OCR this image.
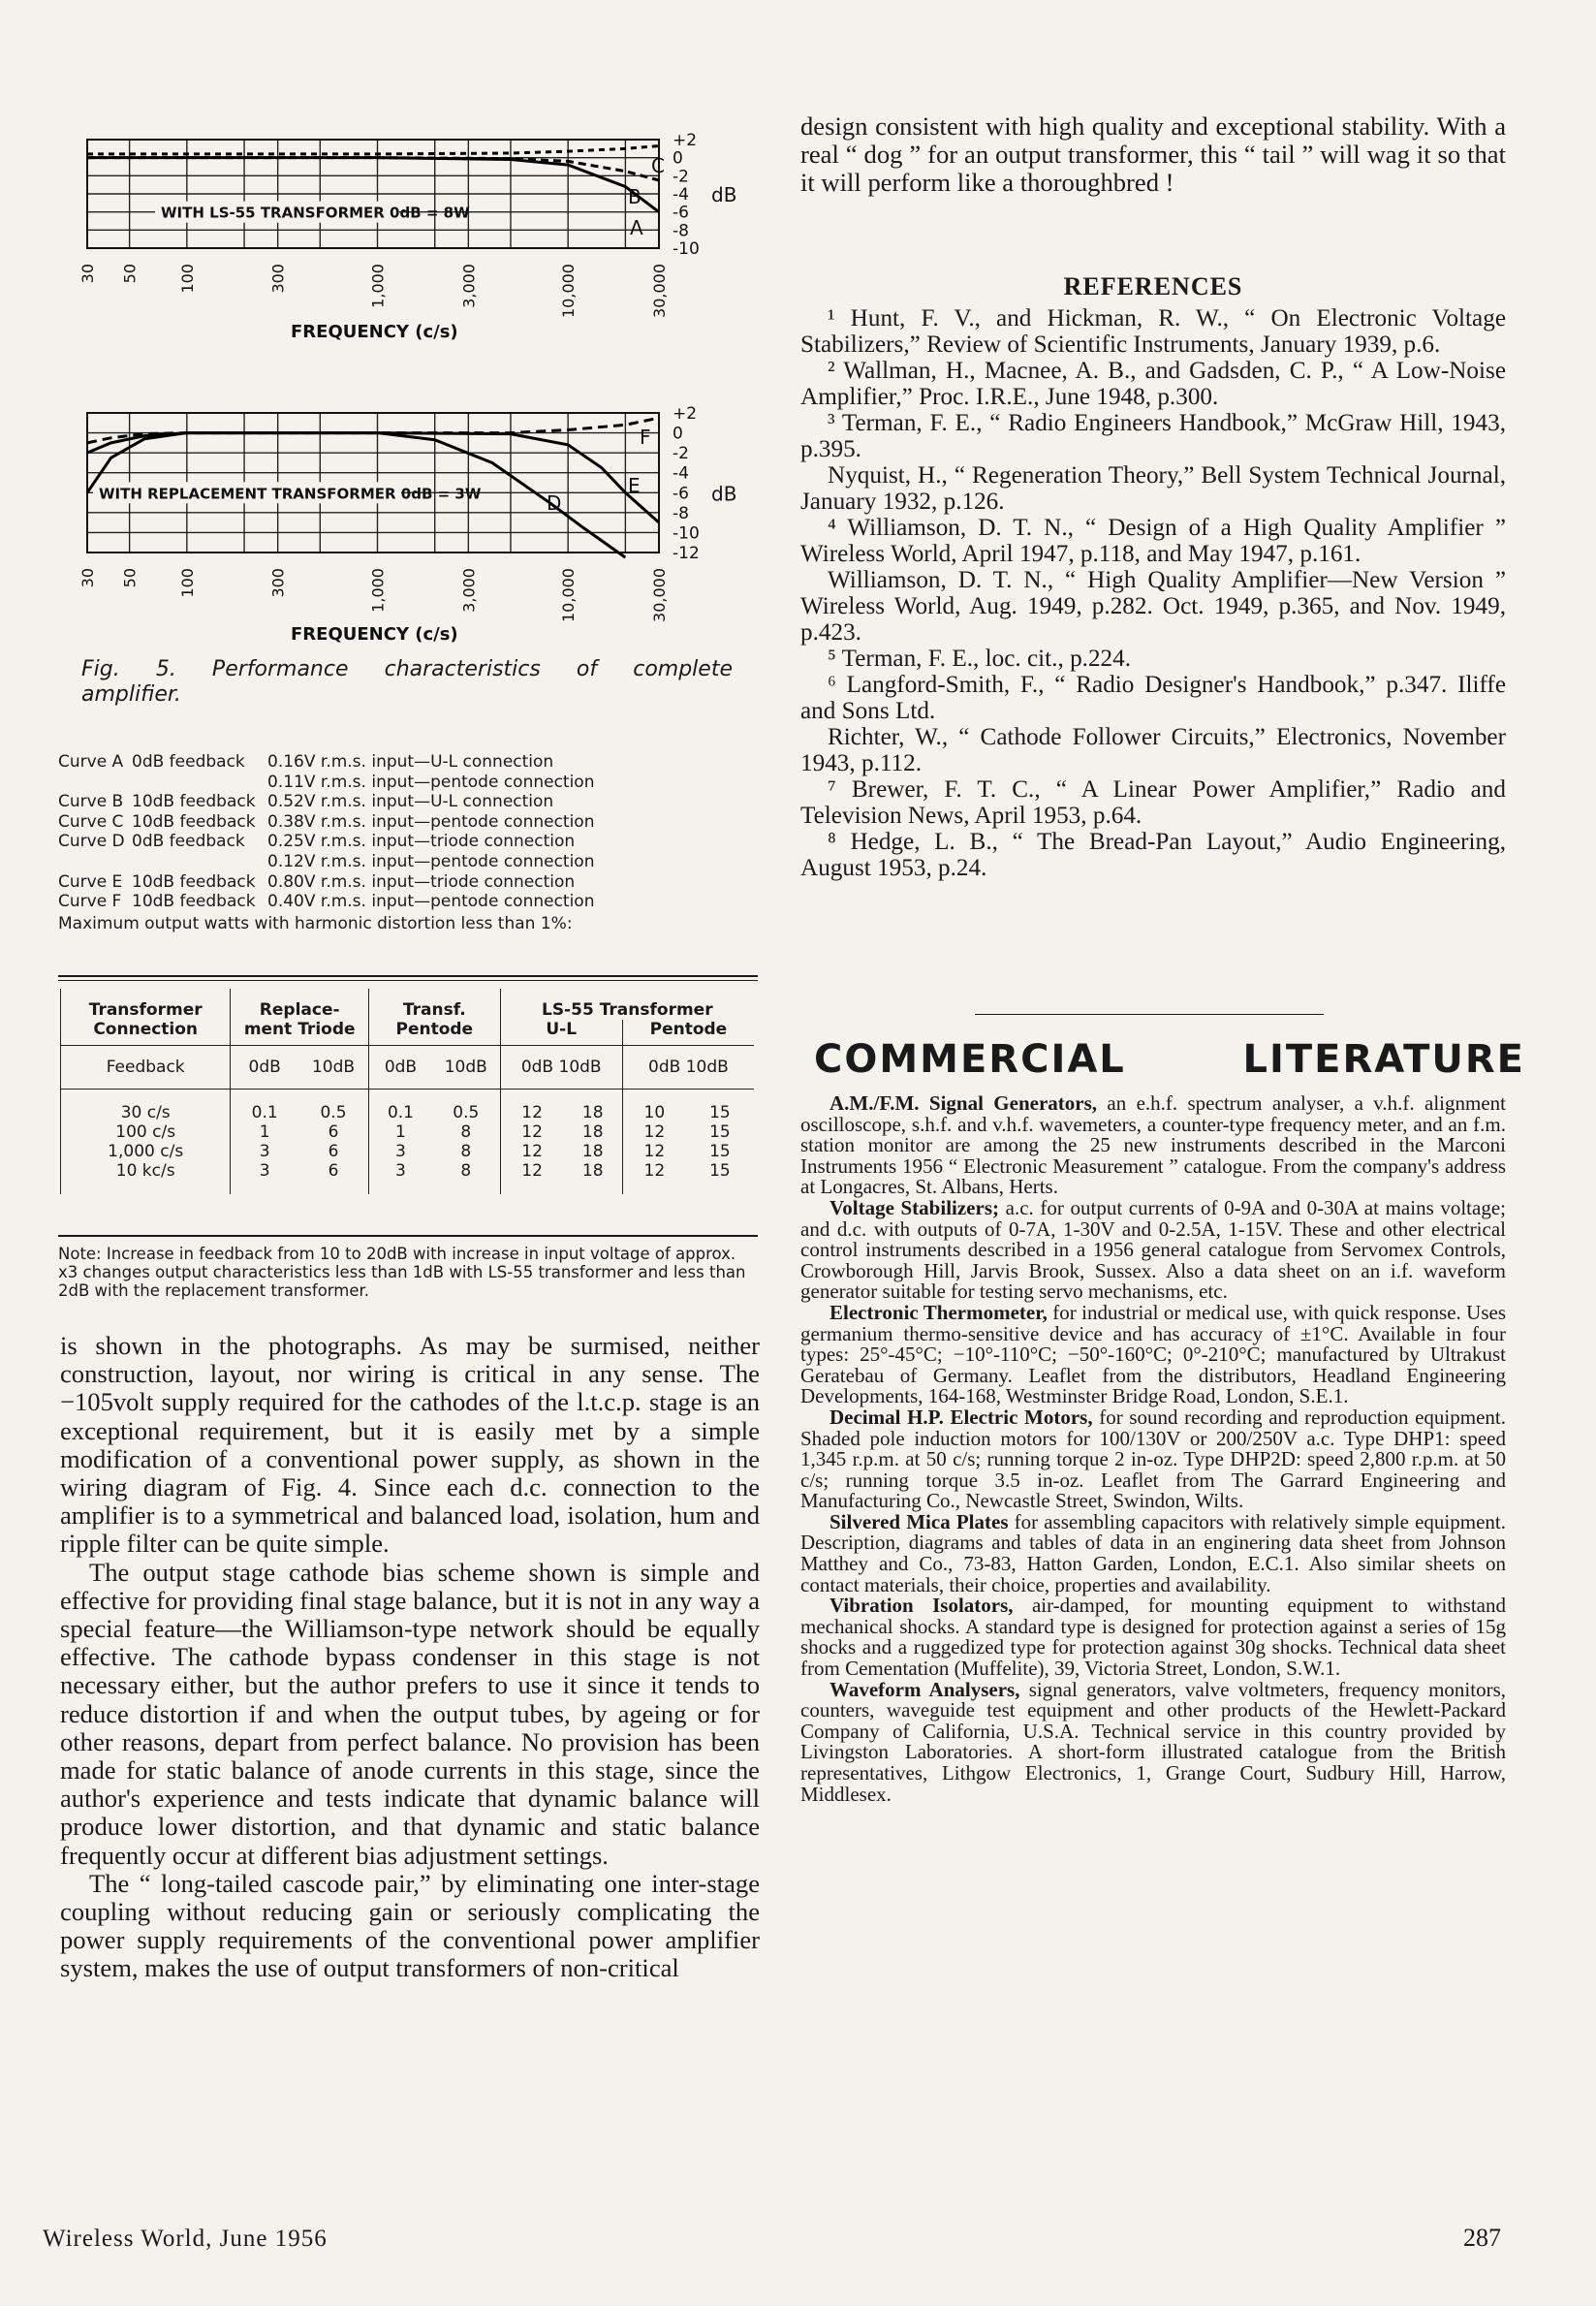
WITH LS-55 TRANSFORMER 0dB = 8W
A
B
C
+2
0
-2
-4
-6
-8
-10
dB
30 50	100	300	1,000	3,000	10,000	30,000
FREQUENCY (c/s)
WITH REPLACEMENT TRANSFORMER 0dB = 3W	D
E
F
+2
0
-2
-4
-6
-8
-10
-12
dB
30 50	100	300	1,000	3,000	10,000	30,000
FREQUENCY (c/s)
Fig. 5. Performance characteristics of complete
amplifier.
Curve A 0dB feedback	0.16V r.m.s. input—U-L connection
0.11V r.m.s. input—pentode connection
Curve B 10dB feedback 0.52V r.m.s. input—U-L connection
Curve C 10dB feedback 0.38V r.m.s. input—pentode connection
Curve D 0dB feedback	0.25V r.m.s. input—triode connection
0.12V r.m.s. input—pentode connection
Curve E 10dB feedback 0.80V r.m.s. input—triode connection
Curve F 10dB feedback 0.40V r.m.s. input—pentode connection
Maximum output watts with harmonic distortion less than 1%:
Transformer Connection	Replace- ment Triode		Transf. Pentode		LS-55 Transformer			
					U-L		Pentode	
Feedback	0dB	10dB	0dB	10dB	0dB 10dB		0dB 10dB	
30 c/s	0.1	0.5	0.1	0.5	12	18	10	15
100 c/s	1	6	1	8	12	18	12	15
1,000 c/s	3	6	3	8	12	18	12	15
10 kc/s	3	6	3	8	12	18	12	15
Note: Increase in feedback from 10 to 20dB with increase in input voltage of approx. x3 changes output characteristics less than 1dB with LS-55 transformer and less than 2dB with the replacement transformer.

is shown in the photographs. As may be surmised, neither construction, layout, nor wiring is critical in any sense. The −105volt supply required for the cathodes of the l.t.c.p. stage is an exceptional requirement, but it is easily met by a simple modification of a conventional power supply, as shown in the wiring diagram of Fig. 4. Since each d.c. connection to the amplifier is to a symmetrical and balanced load, isolation, hum and ripple filter can be quite simple.

The output stage cathode bias scheme shown is simple and effective for providing final stage balance, but it is not in any way a special feature—the Williamson-type network should be equally effective. The cathode bypass condenser in this stage is not necessary either, but the author prefers to use it since it tends to reduce distortion if and when the output tubes, by ageing or for other reasons, depart from perfect balance. No provision has been made for static balance of anode currents in this stage, since the author's experience and tests indicate that dynamic balance will produce lower distortion, and that dynamic and static balance frequently occur at different bias adjustment settings.

The “ long-tailed cascode pair,” by eliminating one inter-stage coupling without reducing gain or seriously complicating the power supply requirements of the conventional power amplifier system, makes the use of output transformers of non-critical

design consistent with high quality and exceptional stability. With a real “ dog ” for an output transformer, this “ tail ” will wag it so that it will perform like a thoroughbred !

REFERENCES

¹ Hunt, F. V., and Hickman, R. W., “ On Electronic Voltage Stabilizers,” Review of Scientific Instruments, January 1939, p.6.

² Wallman, H., Macnee, A. B., and Gadsden, C. P., “ A Low-Noise Amplifier,” Proc. I.R.E., June 1948, p.300.

³ Terman, F. E., “ Radio Engineers Handbook,” McGraw Hill, 1943, p.395.

Nyquist, H., “ Regeneration Theory,” Bell System Technical Journal, January 1932, p.126.

⁴ Williamson, D. T. N., “ Design of a High Quality Amplifier ” Wireless World, April 1947, p.118, and May 1947, p.161.

Williamson, D. T. N., “ High Quality Amplifier—New Version ” Wireless World, Aug. 1949, p.282. Oct. 1949, p.365, and Nov. 1949, p.423.

⁵ Terman, F. E., loc. cit., p.224.

⁶ Langford-Smith, F., “ Radio Designer's Handbook,” p.347. Iliffe and Sons Ltd.

Richter, W., “ Cathode Follower Circuits,” Electronics, November 1943, p.112.

⁷ Brewer, F. T. C., “ A Linear Power Amplifier,” Radio and Television News, April 1953, p.64.

⁸ Hedge, L. B., “ The Bread-Pan Layout,” Audio Engineering, August 1953, p.24.

COMMERCIAL	LITERATURE

A.M./F.M. Signal Generators, an e.h.f. spectrum analyser, a v.h.f. alignment oscilloscope, s.h.f. and v.h.f. wavemeters, a counter-type frequency meter, and an f.m. station monitor are among the 25 new instruments described in the Marconi Instruments 1956 “ Electronic Measurement ” catalogue. From the company's address at Longacres, St. Albans, Herts.

Voltage Stabilizers; a.c. for output currents of 0-9A and 0-30A at mains voltage; and d.c. with outputs of 0-7A, 1-30V and 0-2.5A, 1-15V. These and other electrical control instruments described in a 1956 general catalogue from Servomex Controls, Crowborough Hill, Jarvis Brook, Sussex. Also a data sheet on an i.f. waveform generator suitable for testing servo mechanisms, etc.

Electronic Thermometer, for industrial or medical use, with quick response. Uses germanium thermo-sensitive device and has accuracy of ±1°C. Available in four types: 25°-45°C; −10°-110°C; −50°-160°C; 0°-210°C; manufactured by Ultrakust Geratebau of Germany. Leaflet from the distributors, Headland Engineering Developments, 164-168, Westminster Bridge Road, London, S.E.1.

Decimal H.P. Electric Motors, for sound recording and reproduction equipment. Shaded pole induction motors for 100/130V or 200/250V a.c. Type DHP1: speed 1,345 r.p.m. at 50 c/s; running torque 2 in-oz. Type DHP2D: speed 2,800 r.p.m. at 50 c/s; running torque 3.5 in-oz. Leaflet from The Garrard Engineering and Manufacturing Co., Newcastle Street, Swindon, Wilts.

Silvered Mica Plates for assembling capacitors with relatively simple equipment. Description, diagrams and tables of data in an enginering data sheet from Johnson Matthey and Co., 73-83, Hatton Garden, London, E.C.1. Also similar sheets on contact materials, their choice, properties and availability.

Vibration Isolators, air-damped, for mounting equipment to withstand mechanical shocks. A standard type is designed for protection against a series of 15g shocks and a ruggedized type for protection against 30g shocks. Technical data sheet from Cementation (Muffelite), 39, Victoria Street, London, S.W.1.

Waveform Analysers, signal generators, valve voltmeters, frequency monitors, counters, waveguide test equipment and other products of the Hewlett-Packard Company of California, U.S.A. Technical service in this country provided by Livingston Laboratories. A short-form illustrated catalogue from the British representatives, Lithgow Electronics, 1, Grange Court, Sudbury Hill, Harrow, Middlesex.

Wireless World, June 1956	287
